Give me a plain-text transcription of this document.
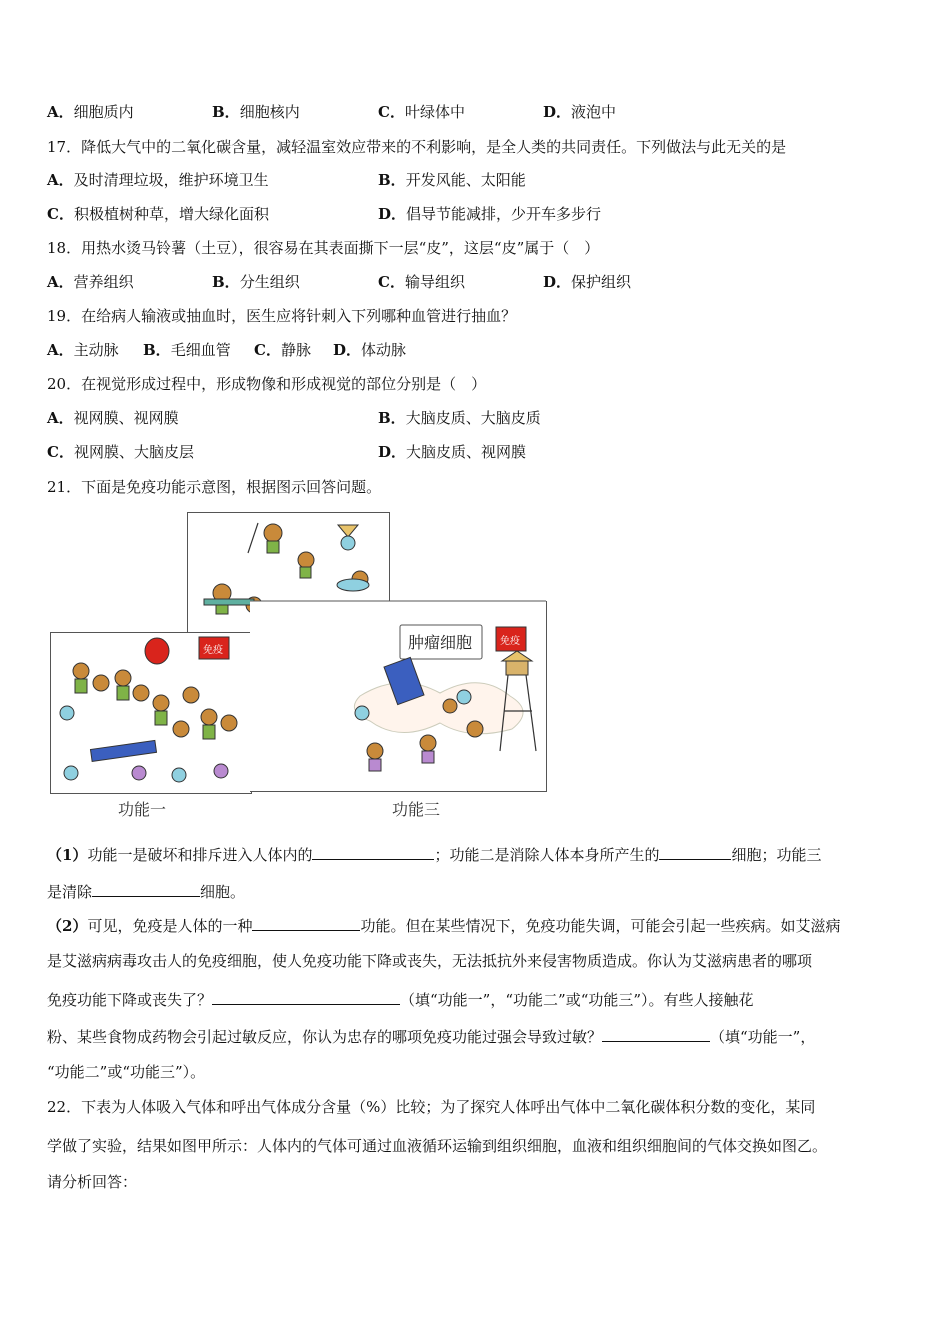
A．细胞质内	B．细胞核内	C．叶绿体中	D．液泡中
17．降低大气中的二氧化碳含量，减轻温室效应带来的不利影响，是全人类的共同责任。下列做法与此无关的是
A．及时清理垃圾，维护环境卫生	B．开发风能、太阳能
C．积极植树种草，增大绿化面积	D．倡导节能减排，少开车多步行
18．用热水烫马铃薯（土豆），很容易在其表面撕下一层“皮”，这层“皮”属于（　）
A．营养组织	B．分生组织	C．输导组织	D．保护组织
19．在给病人输液或抽血时，医生应将针刺入下列哪种血管进行抽血？
A．主动脉 B．毛细血管 C．静脉 D．体动脉
20．在视觉形成过程中，形成物像和形成视觉的部位分别是（　）
A．视网膜、视网膜	B．大脑皮质、大脑皮质
C．视网膜、大脑皮层	D．大脑皮质、视网膜
21．下面是免疫功能示意图，根据图示回答问题。
免疫
功能一
肿瘤细胞	免疫
功能三
（1）功能一是破坏和排斥进入人体内的	；功能二是消除人体本身所产生的	细胞；功能三
是清除	细胞。
（2）可见，免疫是人体的一种	功能。但在某些情况下，免疫功能失调，可能会引起一些疾病。如艾滋病
是艾滋病病毒攻击人的免疫细胞，使人免疫功能下降或丧失，无法抵抗外来侵害物质造成。你认为艾滋病患者的哪项
免疫功能下降或丧失了？	（填“功能一”，“功能二”或“功能三”）。有些人接触花
粉、某些食物成药物会引起过敏反应，你认为忠存的哪项免疫功能过强会导致过敏？	（填“功能一”，
“功能二”或“功能三”）。
22．下表为人体吸入气体和呼出气体成分含量（%）比较；为了探究人体呼出气体中二氧化碳体积分数的变化，某同
学做了实验，结果如图甲所示：人体内的气体可通过血液循环运输到组织细胞，血液和组织细胞间的气体交换如图乙。
请分析回答：
